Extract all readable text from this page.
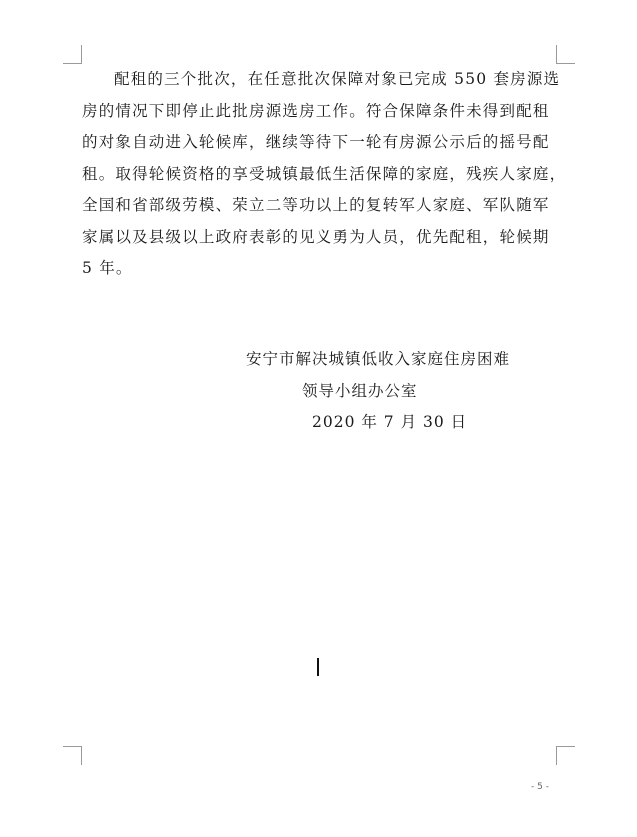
配租的三个批次，在任意批次保障对象已完成 550 套房源选
房的情况下即停止此批房源选房工作。符合保障条件未得到配租
的对象自动进入轮候库，继续等待下一轮有房源公示后的摇号配
租。取得轮候资格的享受城镇最低生活保障的家庭，残疾人家庭，
全国和省部级劳模、荣立二等功以上的复转军人家庭、军队随军
家属以及县级以上政府表彰的见义勇为人员，优先配租，轮候期
5 年。
安宁市解决城镇低收入家庭住房困难
领导小组办公室
2020 年 7 月 30 日
- 5 -
